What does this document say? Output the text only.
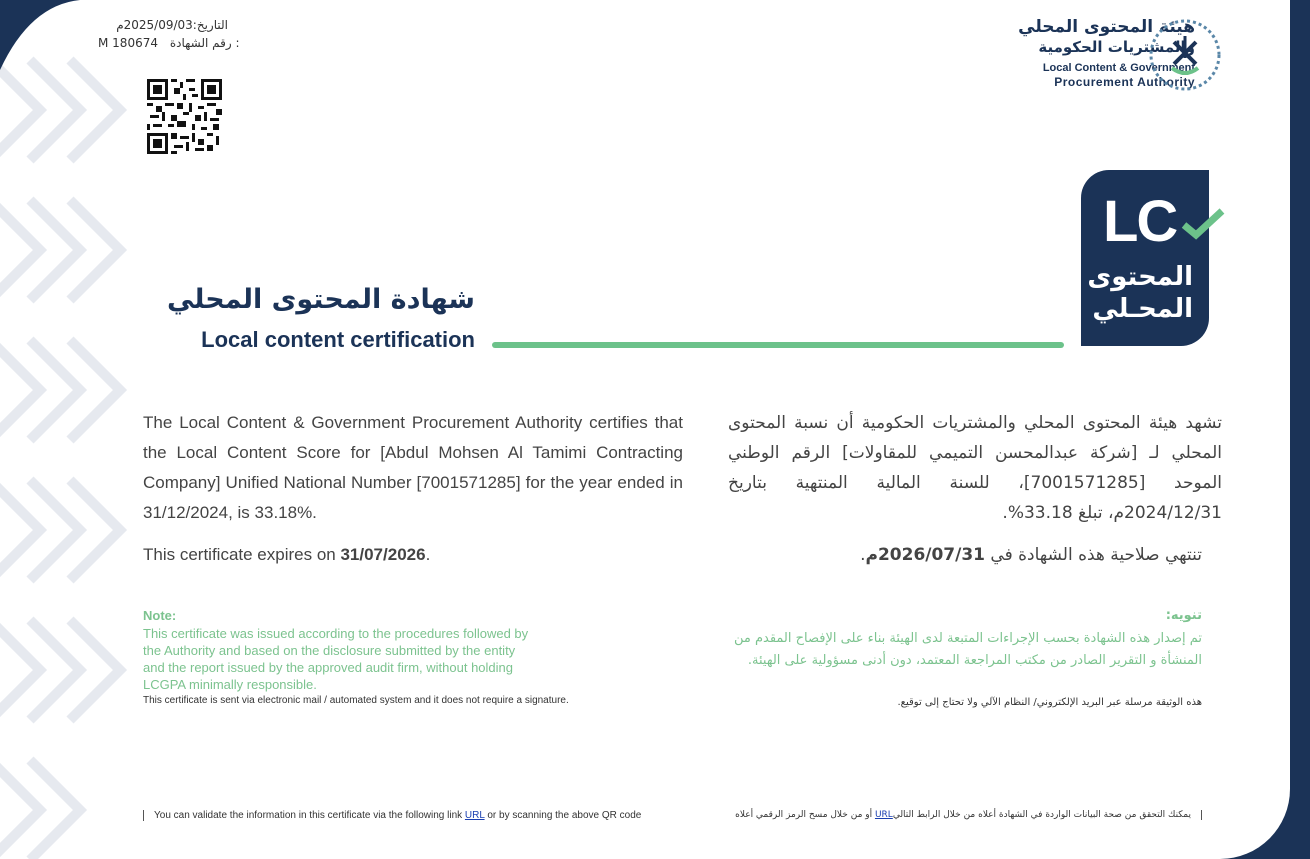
التاريخ:2025/09/03م
M 180674 رقم الشهادة :
هيئة المحتوى المحلي
والمشتريات الحكومية
Local Content & Government
Procurement Authority
LC
المحتوى
المحـلي
شهادة المحتوى المحلي
Local content certification
The Local Content & Government Procurement Authority certifies that the Local Content Score for [Abdul Mohsen Al Tamimi Contracting Company] Unified National Number [7001571285] for the year ended in 31/12/2024, is 33.18%.
تشهد هيئة المحتوى المحلي والمشتريات الحكومية أن نسبة المحتوى المحلي لـ [شركة عبدالمحسن التميمي للمقاولات] الرقم الوطني الموحد [7001571285]، للسنة المالية المنتهية بتاريخ 2024/12/31م، تبلغ 33.18%.
This certificate expires on 31/07/2026.	تنتهي صلاحية هذه الشهادة في 2026/07/31م.
Note:
This certificate was issued according to the procedures followed by
the Authority and based on the disclosure submitted by the entity
and the report issued by the approved audit firm, without holding
LCGPA minimally responsible.
This certificate is sent via electronic mail / automated system and it does not require a signature.
تنويه:
تم إصدار هذه الشهادة بحسب الإجراءات المتبعة لدى الهيئة بناء على الإفصاح المقدم من
المنشأة و التقرير الصادر من مكتب المراجعة المعتمد، دون أدنى مسؤولية على الهيئة.
هذه الوثيقة مرسلة عبر البريد الإلكتروني/ النظام الآلي ولا تحتاج إلى توقيع.
You can validate the information in this certificate via the following link URL or by scanning the above QR code	يمكنك التحقق من صحة البيانات الواردة في الشهادة أعلاه من خلال الرابط التاليURL أو من خلال مسح الرمز الرقمي أعلاه
